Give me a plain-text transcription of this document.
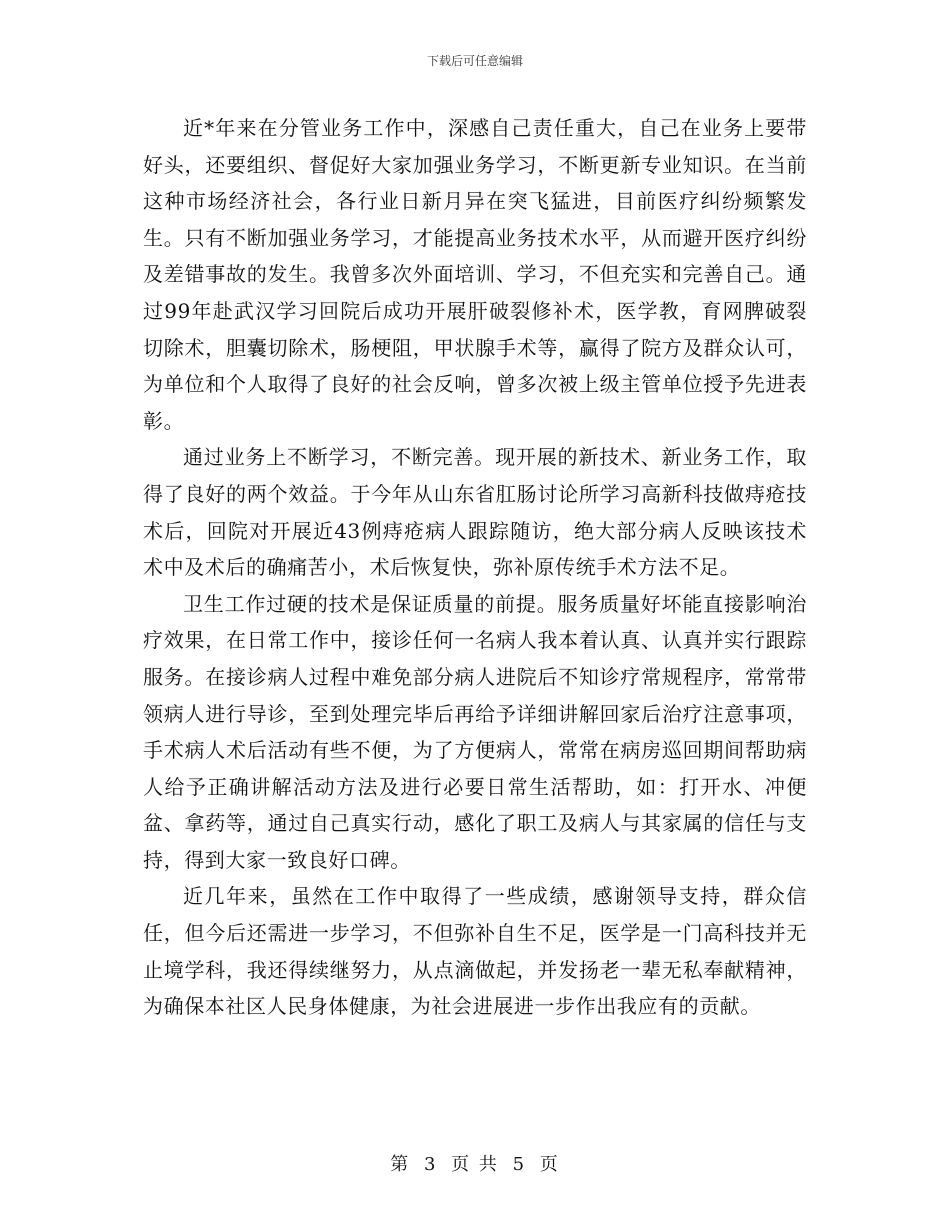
下载后可任意编辑

近*年来在分管业务工作中，深感自己责任重大，自己在业务上要带好头，还要组织、督促好大家加强业务学习，不断更新专业知识。在当前这种市场经济社会，各行业日新月异在突飞猛进，目前医疗纠纷频繁发生。只有不断加强业务学习，才能提高业务技术水平，从而避开医疗纠纷及差错事故的发生。我曾多次外面培训、学习，不但充实和完善自己。通过99年赴武汉学习回院后成功开展肝破裂修补术，医学教，育网脾破裂切除术，胆囊切除术，肠梗阻，甲状腺手术等，赢得了院方及群众认可，为单位和个人取得了良好的社会反响，曾多次被上级主管单位授予先进表彰。

通过业务上不断学习，不断完善。现开展的新技术、新业务工作，取得了良好的两个效益。于今年从山东省肛肠讨论所学习高新科技做痔疮技术后，回院对开展近43例痔疮病人跟踪随访，绝大部分病人反映该技术术中及术后的确痛苦小，术后恢复快，弥补原传统手术方法不足。

卫生工作过硬的技术是保证质量的前提。服务质量好坏能直接影响治疗效果，在日常工作中，接诊任何一名病人我本着认真、认真并实行跟踪服务。在接诊病人过程中难免部分病人进院后不知诊疗常规程序，常常带领病人进行导诊，至到处理完毕后再给予详细讲解回家后治疗注意事项，手术病人术后活动有些不便，为了方便病人，常常在病房巡回期间帮助病人给予正确讲解活动方法及进行必要日常生活帮助，如：打开水、冲便盆、拿药等，通过自己真实行动，感化了职工及病人与其家属的信任与支持，得到大家一致良好口碑。

近几年来，虽然在工作中取得了一些成绩，感谢领导支持，群众信任，但今后还需进一步学习，不但弥补自生不足，医学是一门高科技并无止境学科，我还得续继努力，从点滴做起，并发扬老一辈无私奉献精神，为确保本社区人民身体健康，为社会进展进一步作出我应有的贡献。

第 3 页 共 5 页
